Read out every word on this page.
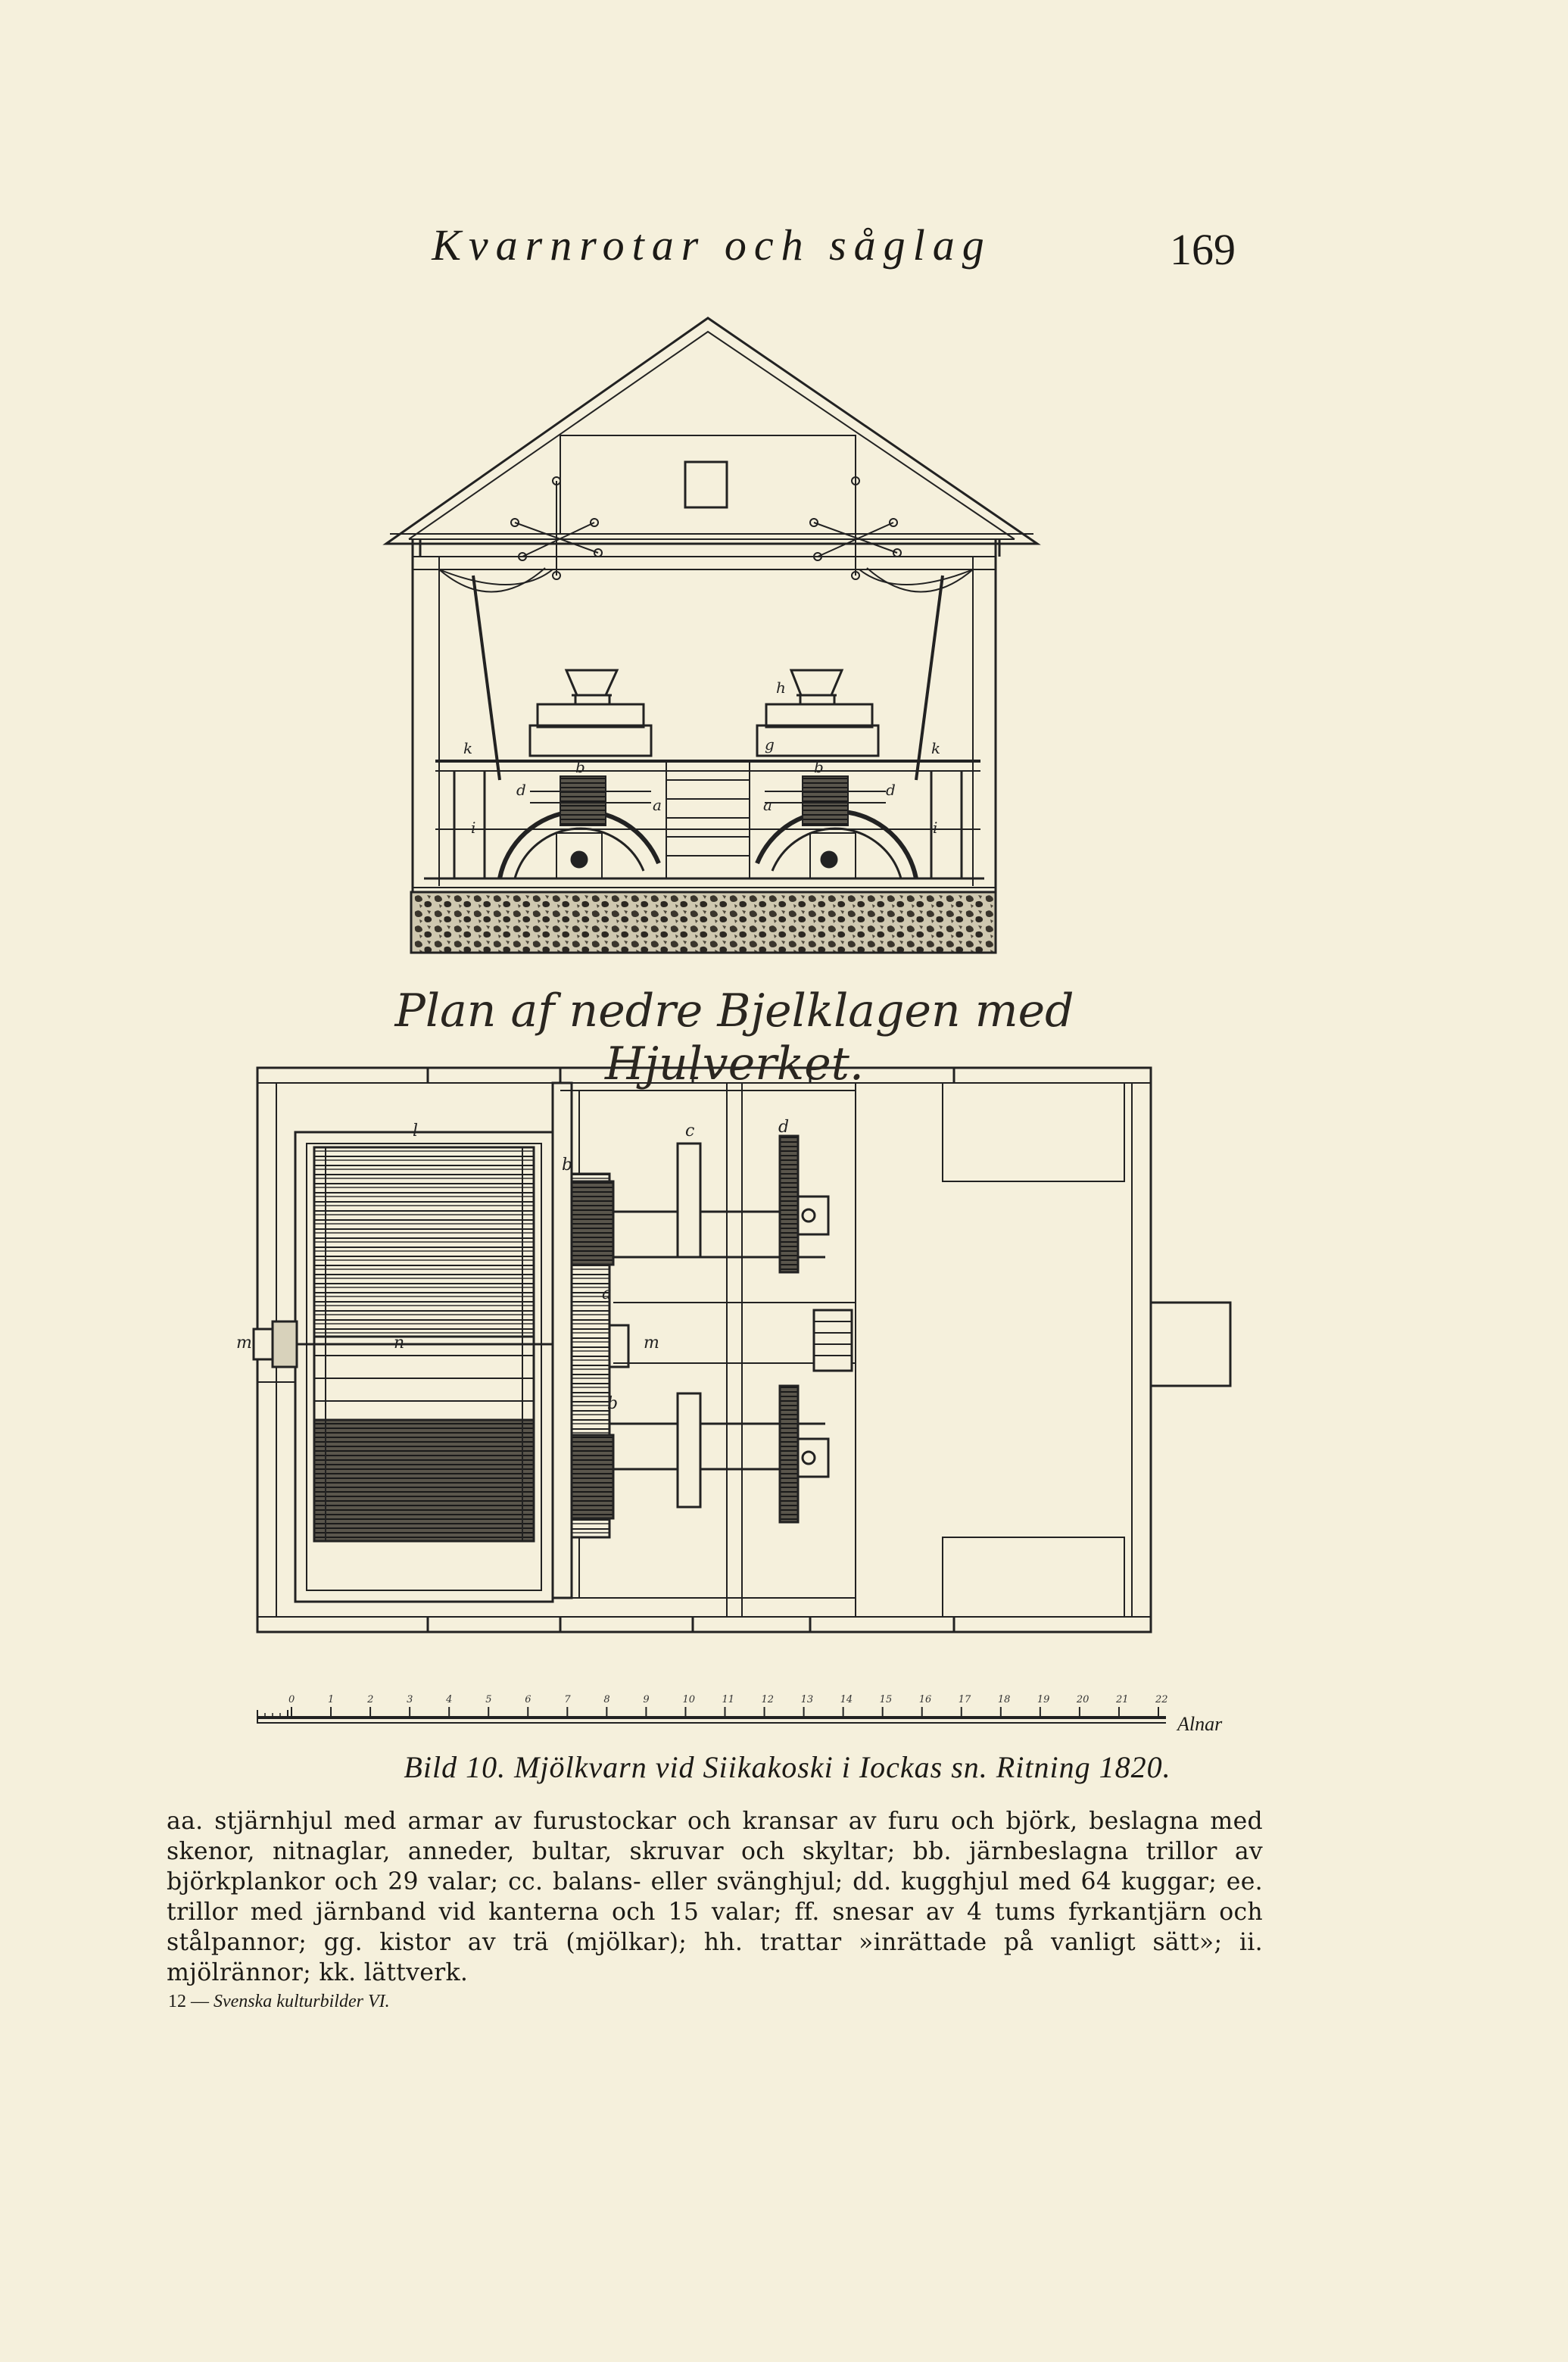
Kvarnrotar och såglag	169
k	k
h
g
d	d
b	b
a	a
i	i
l	c	d
b
a
m	m
n
b
0	1	2	3	4	5	6	7	8	9	10	11	12	13	14	15	16	17	18	19	20	21	22
Plan af nedre Bjelklagen med Hjulverket.
Alnar
Bild 10. Mjölkvarn vid Siikakoski i Iockas sn. Ritning 1820.
aa. stjärnhjul med armar av furustockar och kransar av furu och björk, beslagna med skenor, nitnaglar, anneder, bultar, skruvar och skyltar; bb. järnbeslagna trillor av björkplankor och 29 valar; cc. balans- eller svänghjul; dd. kugghjul med 64 kuggar; ee. trillor med järnband vid kanterna och 15 valar; ff. snesar av 4 tums fyrkantjärn och stålpannor; gg. kistor av trä (mjölkar); hh. trattar »inrättade på vanligt sätt»; ii. mjölrännor; kk. lättverk.
12 — Svenska kulturbilder VI.
